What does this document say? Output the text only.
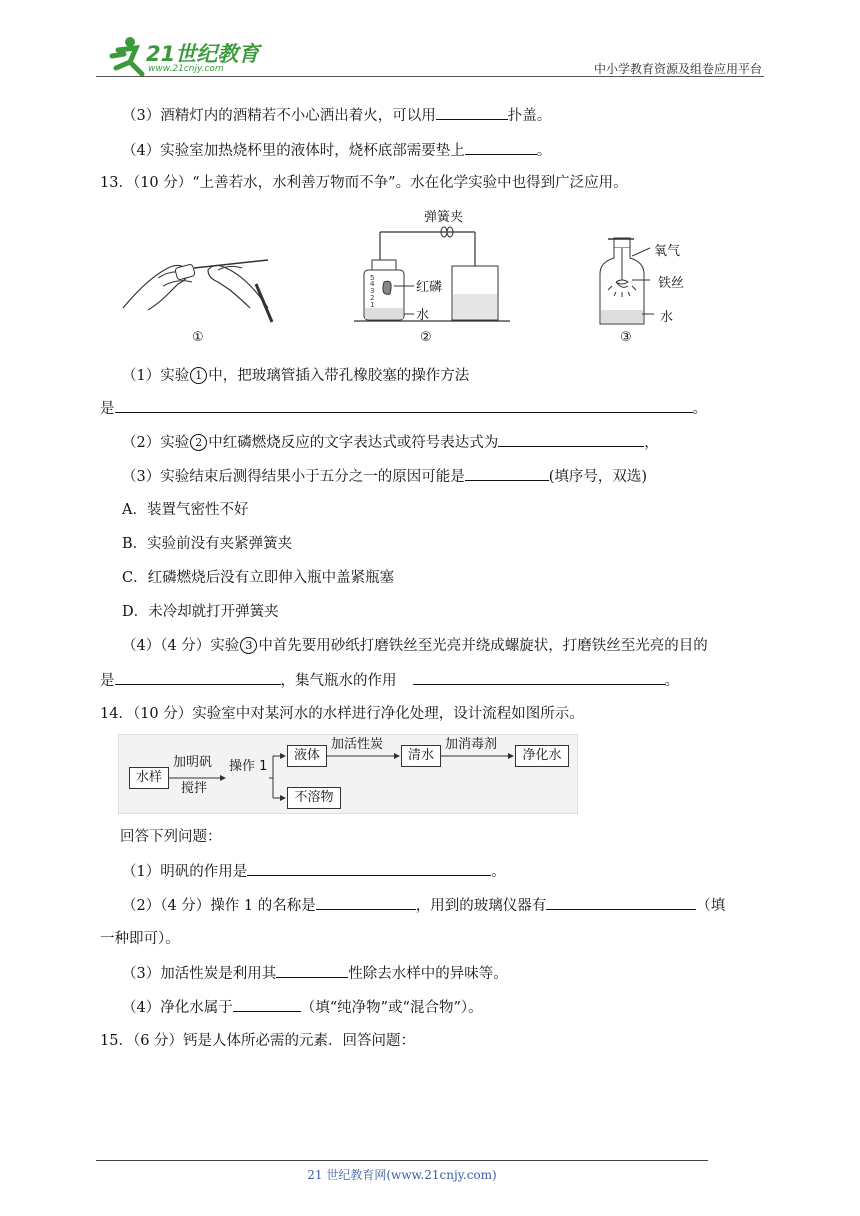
21世纪教育
www.21cnjy.com	中小学教育资源及组卷应用平台
（3）酒精灯内的酒精若不小心洒出着火，可以用	扑盖。
（4）实验室加热烧杯里的液体时，烧杯底部需要垫上	。
13．（10 分）“上善若水，水利善万物而不争”。水在化学实验中也得到广泛应用。
①
5
4
3
2
1
弹簧夹
红磷
水
②
氧气
铁丝
水
③
（1）实验 1 中，把玻璃管插入带孔橡胶塞的操作方法
是	。
（2）实验 2 中红磷燃烧反应的文字表达式或符号表达式为	，
（3）实验结束后测得结果小于五分之一的原因可能是	(填序号，双选)
A．装置气密性不好
B．实验前没有夹紧弹簧夹
C．红磷燃烧后没有立即伸入瓶中盖紧瓶塞
D．未冷却就打开弹簧夹
（4）（4 分）实验 3 中首先要用砂纸打磨铁丝至光亮并绕成螺旋状，打磨铁丝至光亮的目的
是	，集气瓶水的作用	。
14．（10 分）实验室中对某河水的水样进行净化处理，设计流程如图所示。
水样
加明矾
搅拌
操作 1
液体
加活性炭
清水
加消毒剂
净化水
不溶物
回答下列问题：
（1）明矾的作用是	。
（2）（4 分）操作 1 的名称是	，用到的玻璃仪器有	（填
一种即可）。
（3）加活性炭是利用其	性除去水样中的异味等。
（4）净化水属于	（填“纯净物”或“混合物”）。
15．（6 分）钙是人体所必需的元素．回答问题：
21 世纪教育网(www.21cnjy.com)
